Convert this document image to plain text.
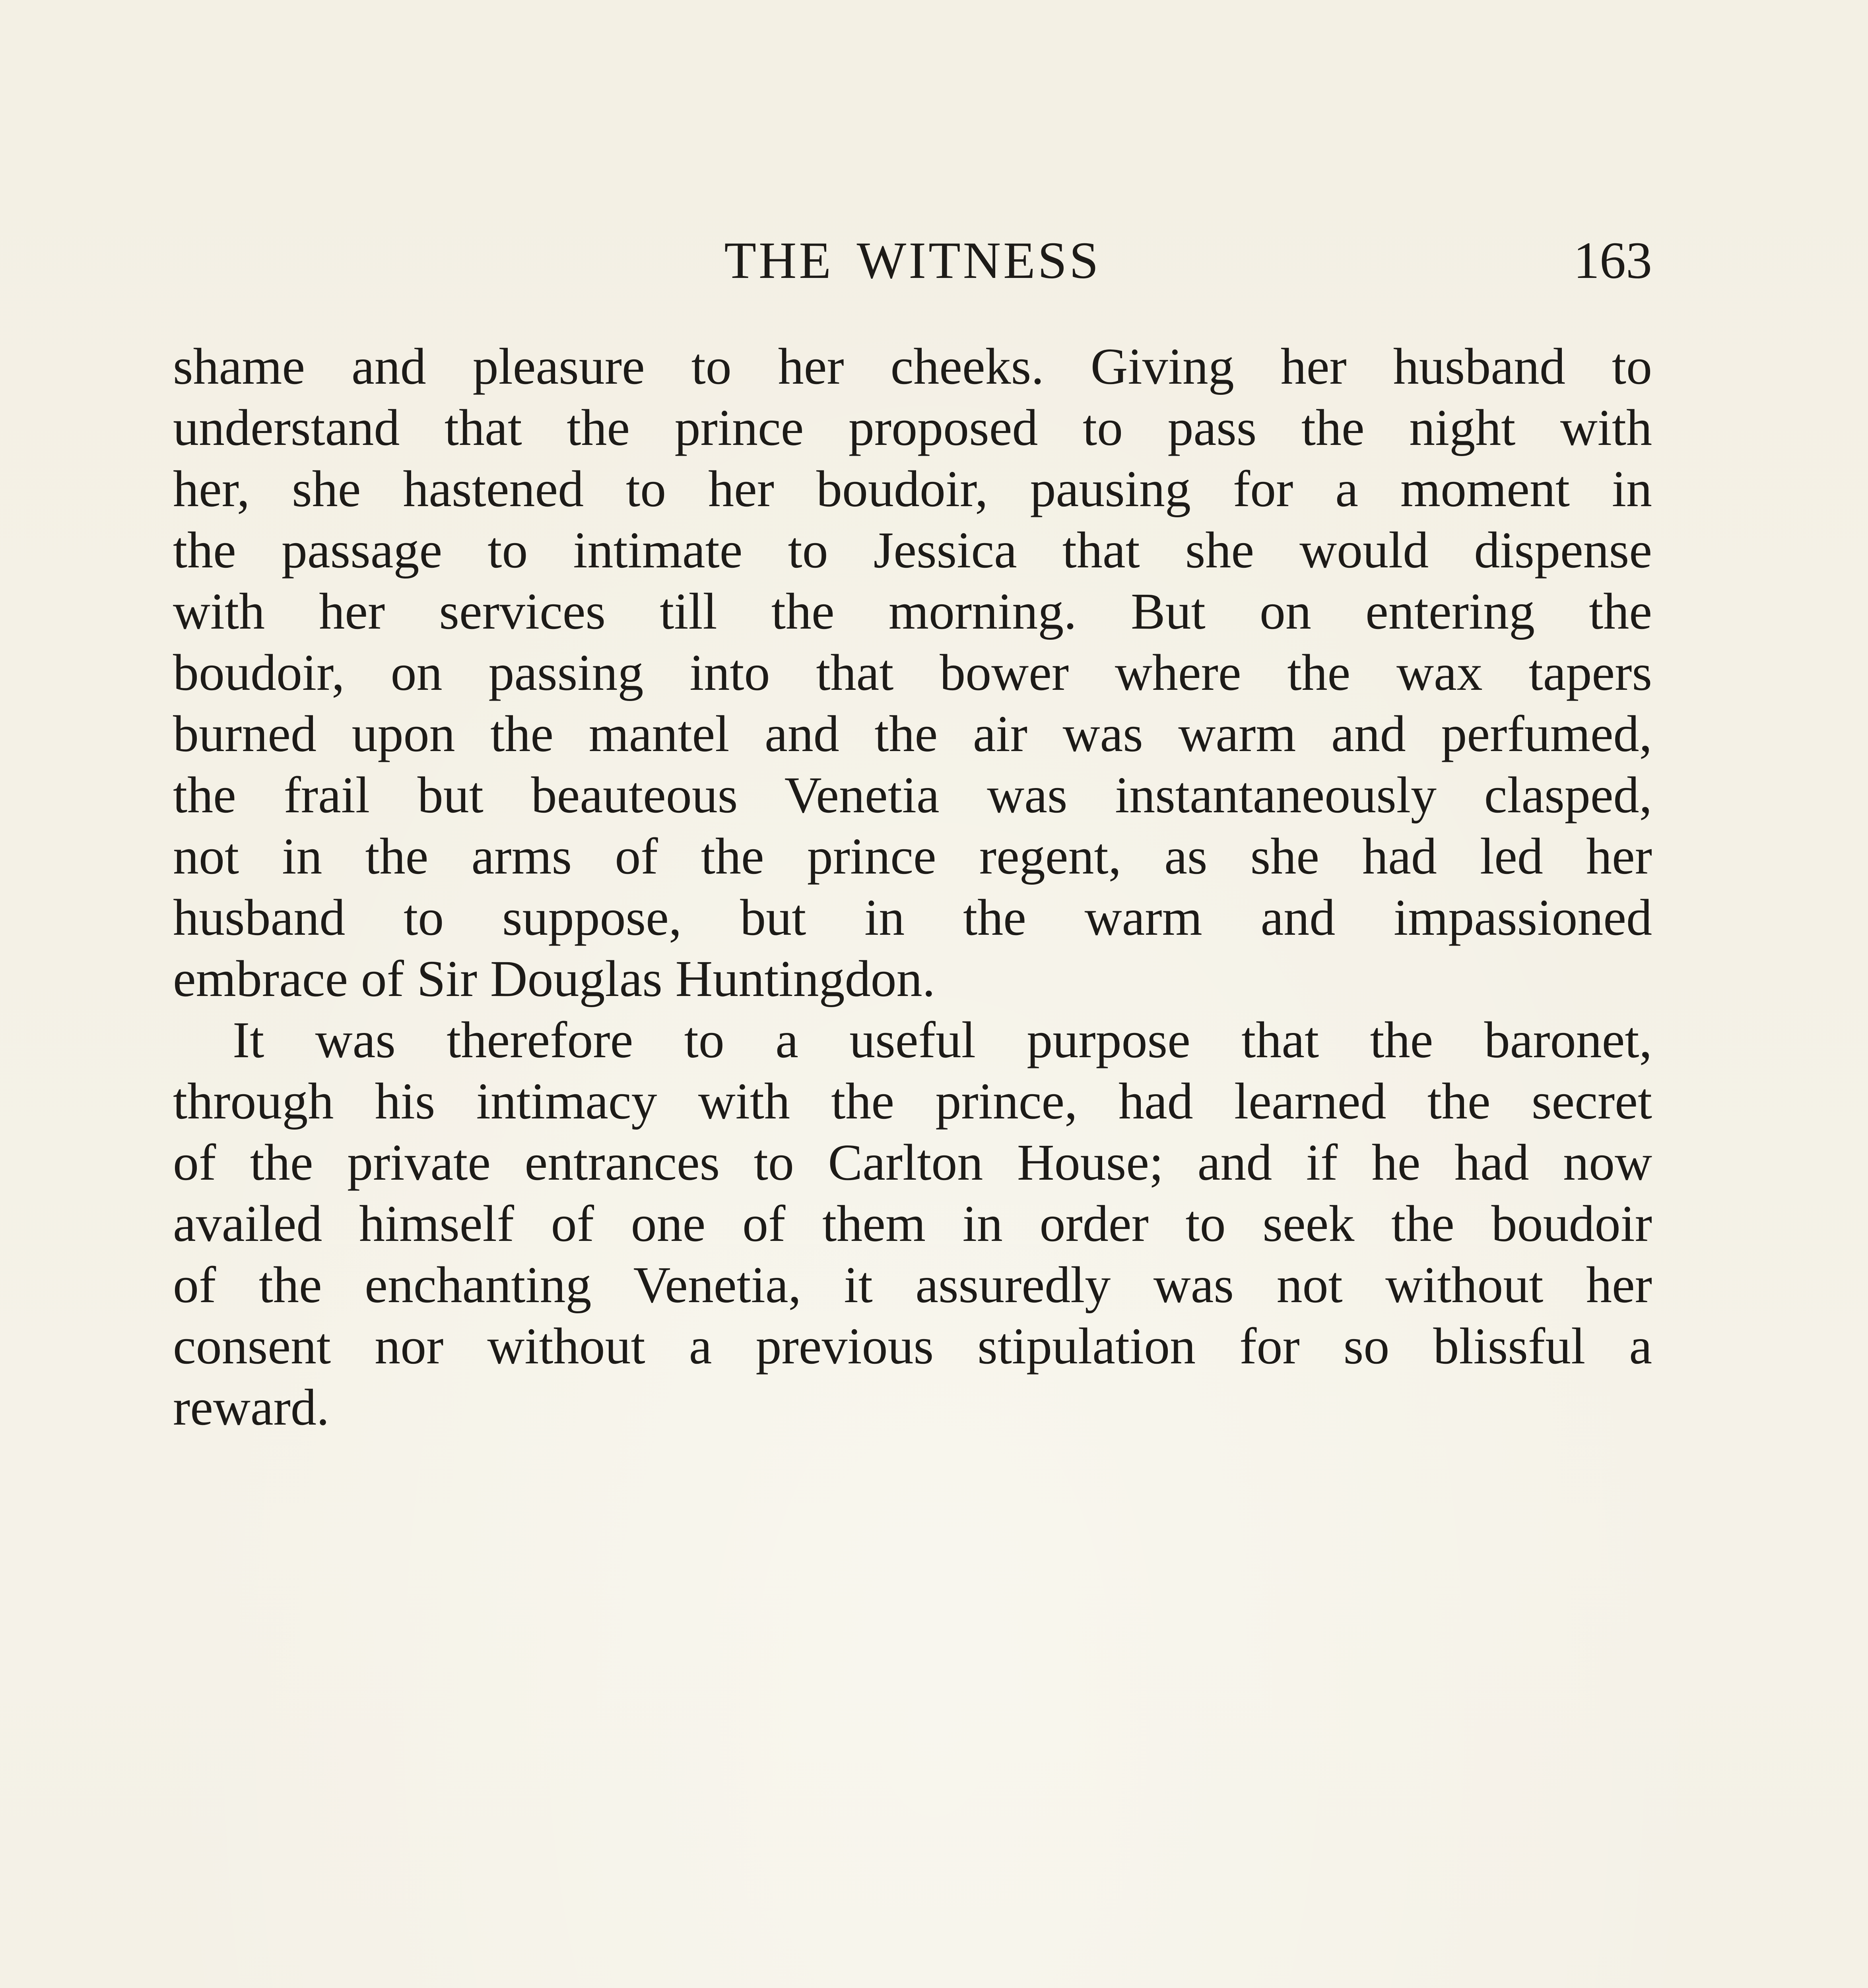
THE WITNESS	163
shame and pleasure to her cheeks. Giving her husband to
understand that the prince proposed to pass the night with
her, she hastened to her boudoir, pausing for a moment in
the passage to intimate to Jessica that she would dispense
with her services till the morning. But on entering the
boudoir, on passing into that bower where the wax tapers
burned upon the mantel and the air was warm and perfumed,
the frail but beauteous Venetia was instantaneously clasped,
not in the arms of the prince regent, as she had led her
husband to suppose, but in the warm and impassioned
embrace of Sir Douglas Huntingdon.
It was therefore to a useful purpose that the baronet,
through his intimacy with the prince, had learned the secret
of the private entrances to Carlton House; and if he had now
availed himself of one of them in order to seek the boudoir
of the enchanting Venetia, it assuredly was not without her
consent nor without a previous stipulation for so blissful a
reward.
